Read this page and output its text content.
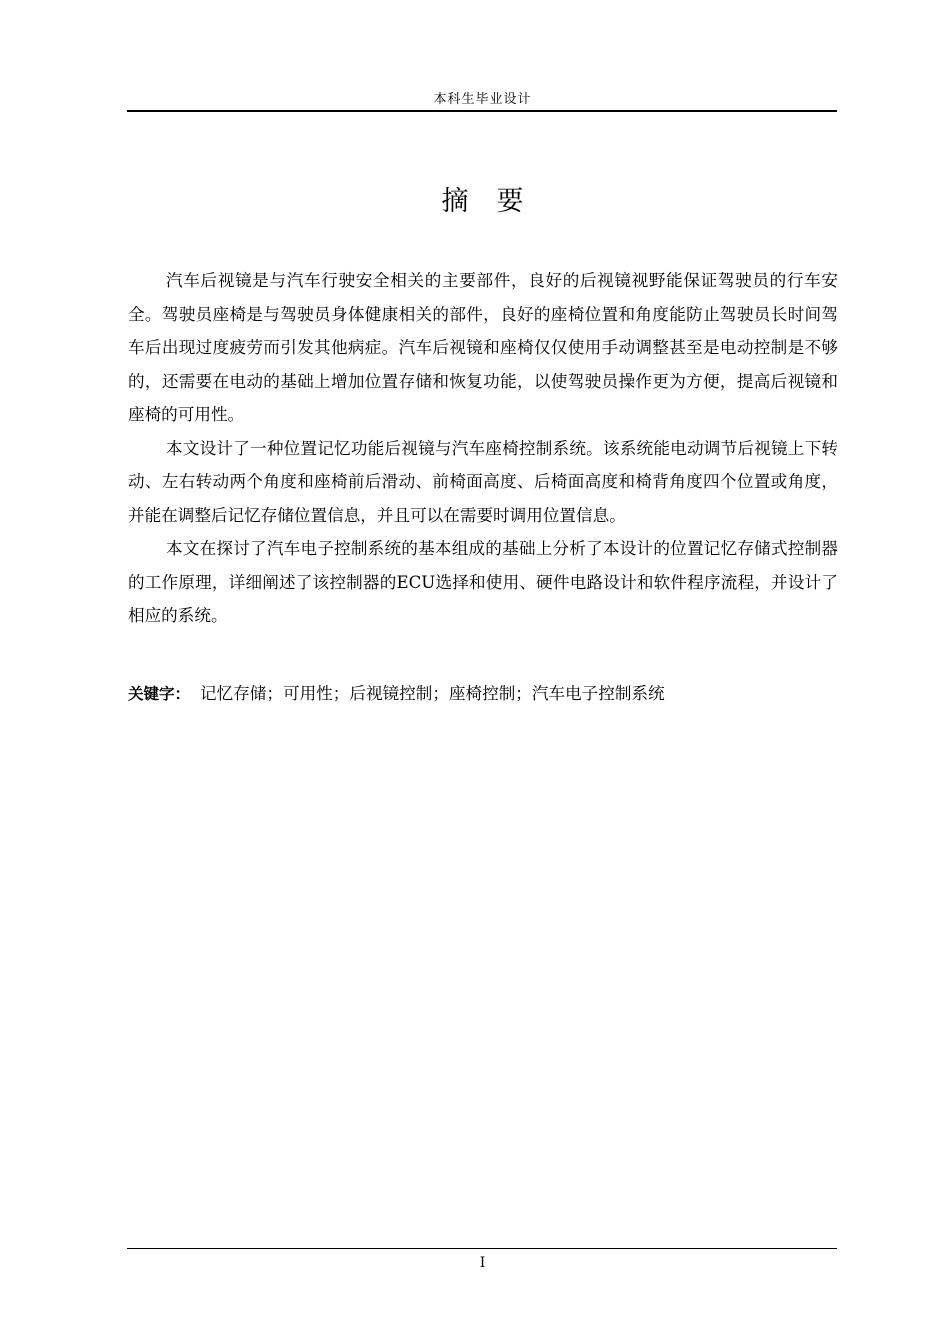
本科生毕业设计
摘 要

汽车后视镜是与汽车行驶安全相关的主要部件，良好的后视镜视野能保证驾驶员的行车安全。驾驶员座椅是与驾驶员身体健康相关的部件，良好的座椅位置和角度能防止驾驶员长时间驾车后出现过度疲劳而引发其他病症。汽车后视镜和座椅仅仅使用手动调整甚至是电动控制是不够的，还需要在电动的基础上增加位置存储和恢复功能，以使驾驶员操作更为方便，提高后视镜和座椅的可用性。

本文设计了一种位置记忆功能后视镜与汽车座椅控制系统。该系统能电动调节后视镜上下转动、左右转动两个角度和座椅前后滑动、前椅面高度、后椅面高度和椅背角度四个位置或角度，并能在调整后记忆存储位置信息，并且可以在需要时调用位置信息。

本文在探讨了汽车电子控制系统的基本组成的基础上分析了本设计的位置记忆存储式控制器的工作原理，详细阐述了该控制器的ECU选择和使用、硬件电路设计和软件程序流程，并设计了相应的系统。

关键字： 记忆存储；可用性；后视镜控制；座椅控制；汽车电子控制系统
I
